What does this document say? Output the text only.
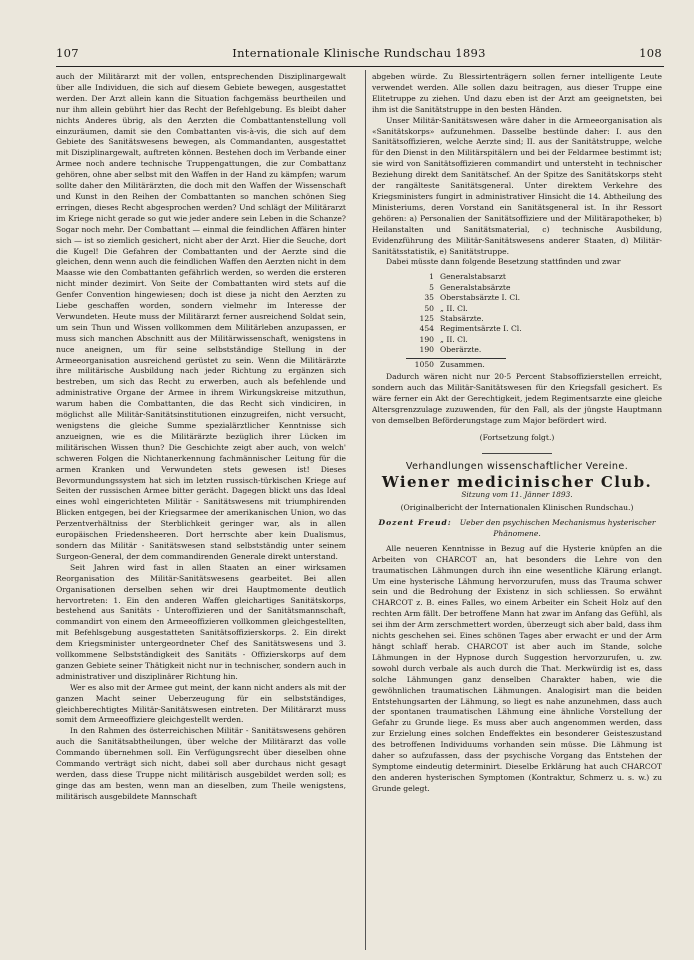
107	Internationale Klinische Rundschau 1893	108

auch der Militärarzt mit der vollen, entsprechenden Disziplinargewalt über alle Individuen, die sich auf diesem Gebiete bewegen, ausgestattet werden. Der Arzt allein kann die Situation fachgemäss beurtheilen und nur ihm allein gebührt hier das Recht der Befehlgebung. Es bleibt daher nichts Anderes übrig, als den Aerzten die Combattantenstellung voll einzuräumen, damit sie den Combattanten vis-à-vis, die sich auf dem Gebiete des Sanitätswesens bewegen, als Commandanten, ausgestattet mit Disziplinargewalt, auftreten können. Bestehen doch im Verbande einer Armee noch andere technische Truppengattungen, die zur Combattanz gehören, ohne aber selbst mit den Waffen in der Hand zu kämpfen; warum sollte daher den Militärärzten, die doch mit den Waffen der Wissenschaft und Kunst in den Reihen der Combattanten so manchen schönen Sieg erringen, dieses Recht abgesprochen werden? Und schlägt der Militärarzt im Kriege nicht gerade so gut wie jeder andere sein Leben in die Schanze? Sogar noch mehr. Der Combattant — einmal die feindlichen Affären hinter sich — ist so ziemlich gesichert, nicht aber der Arzt. Hier die Seuche, dort die Kugel! Die Gefahren der Combattanten und der Aerzte sind die gleichen, denn wenn auch die feindlichen Waffen den Aerzten nicht in dem Maasse wie den Combattanten gefährlich werden, so werden die ersteren nicht minder dezimirt. Von Seite der Combattanten wird stets auf die Genfer Convention hingewiesen; doch ist diese ja nicht den Aerzten zu Liebe geschaffen worden, sondern vielmehr im Interesse der Verwundeten. Heute muss der Militärarzt ferner ausreichend Soldat sein, um sein Thun und Wissen vollkommen dem Militärleben anzupassen, er muss sich manchen Abschnitt aus der Militärwissenschaft, wenigstens in nuce aneignen, um für seine selbstständige Stellung in der Armeeorganisation ausreichend gerüstet zu sein. Wenn die Militärärzte ihre militärische Ausbildung nach jeder Richtung zu ergänzen sich bestreben, um sich das Recht zu erwerben, auch als befehlende und administrative Organe der Armee in ihrem Wirkungskreise mitzuthun, warum haben die Combattanten, die das Recht sich vindiciren, in möglichst alle Militär-Sanitätsinstitutionen einzugreifen, nicht versucht, wenigstens die gleiche Summe spezialärztlicher Kenntnisse sich anzueignen, wie es die Militärärzte bezüglich ihrer Lücken im militärischen Wissen thun? Die Geschichte zeigt aber auch, von welch' schweren Folgen die Nichtanerkennung fachmännischer Leitung für die armen Kranken und Verwundeten stets gewesen ist! Dieses Bevormundungssystem hat sich im letzten russisch-türkischen Kriege auf Seiten der russischen Armee bitter gerächt. Dagegen blickt uns das Ideal eines wohl eingerichteten Militär - Sanitätswesens mit triumphirenden Blicken entgegen, bei der Kriegsarmee der amerikanischen Union, wo das Perzentverhältniss der Sterblichkeit geringer war, als in allen europäischen Friedensheeren. Dort herrschte aber kein Dualismus, sondern das Militär - Sanitätswesen stand selbstständig unter seinem Surgeon-General, der dem commandirenden Generale direkt unterstand.

Seit Jahren wird fast in allen Staaten an einer wirksamen Reorganisation des Militär-Sanitätswesens gearbeitet. Bei allen Organisationen derselben sehen wir drei Hauptmomente deutlich hervortreten: 1. Ein den anderen Waffen gleichartiges Sanitätskorps, bestehend aus Sanitäts - Unteroffizieren und der Sanitätsmannschaft, commandirt von einem den Armeeoffizieren vollkommen gleichgestellten, mit Befehlsgebung ausgestatteten Sanitätsoffizierskorps. 2. Ein direkt dem Kriegsminister untergeordneter Chef des Sanitätswesens und 3. vollkommene Selbstständigkeit des Sanitäts - Offizierskorps auf dem ganzen Gebiete seiner Thätigkeit nicht nur in technischer, sondern auch in administrativer und disziplinärer Richtung hin.

Wer es also mit der Armee gut meint, der kann nicht anders als mit der ganzen Macht seiner Ueberzeugung für ein selbstständiges, gleichberechtigtes Militär-Sanitätswesen eintreten. Der Militärarzt muss somit dem Armeeoffiziere gleichgestellt werden.

In den Rahmen des österreichischen Militär - Sanitätswesens gehören auch die Sanitätsabtheilungen, über welche der Militärarzt das volle Commando übernehmen soll. Ein Verfügungsrecht über dieselben ohne Commando verträgt sich nicht, dabei soll aber durchaus nicht gesagt werden, dass diese Truppe nicht militärisch ausgebildet werden soll; es ginge das am besten, wenn man an dieselben, zum Theile wenigstens, militärisch ausgebildete Mannschaft

abgeben würde. Zu Blessirtenträgern sollen ferner intelligente Leute verwendet werden. Alle sollen dazu beitragen, aus dieser Truppe eine Elitetruppe zu ziehen. Und dazu eben ist der Arzt am geeignetsten, bei ihm ist die Sanitätstruppe in den besten Händen.

Unser Militär-Sanitätswesen wäre daher in die Armeeorganisation als «Sanitätskorps» aufzunehmen. Dasselbe bestünde daher: I. aus den Sanitätsoffizieren, welche Aerzte sind; II. aus der Sanitätstruppe, welche für den Dienst in den Militärspitälern und bei der Feldarmee bestimmt ist; sie wird von Sanitätsoffizieren commandirt und untersteht in technischer Beziehung direkt dem Sanitätschef. An der Spitze des Sanitätskorps steht der rangälteste Sanitätsgeneral. Unter direktem Verkehre des Kriegsministers fungirt in administrativer Hinsicht die 14. Abtheilung des Ministeriums, deren Vorstand ein Sanitätsgeneral ist. In ihr Ressort gehören: a) Personalien der Sanitätsoffiziere und der Militärapotheker, b) Heilanstalten und Sanitätsmaterial, c) technische Ausbildung, Evidenzführung des Militär-Sanitätswesens anderer Staaten, d) Militär-Sanitätsstatistik, e) Sanitätstruppe.

Dabei müsste dann folgende Besetzung stattfinden und zwar

1 Generalstabsarzt
5 Generalstabsärzte
35 Oberstabsärzte I. Cl.
50 „ II. Cl.
125 Stabsärzte.
454 Regimentsärzte I. Cl.
190 „ II. Cl.
190 Oberärzte.
1050 Zusammen.

Dadurch wären nicht nur 20·5 Percent Stabsoffizierstellen erreicht, sondern auch das Militär-Sanitätswesen für den Kriegsfall gesichert. Es wäre ferner ein Akt der Gerechtigkeit, jedem Regimentsarzte eine gleiche Altersgrenzzulage zuzuwenden, für den Fall, als der jüngste Hauptmann von demselben Beförderungstage zum Major befördert wird.

(Fortsetzung folgt.)
Verhandlungen wissenschaftlicher Vereine.
Wiener medicinischer Club.
Sitzung vom 11. Jänner 1893.
(Originalbericht der Internationalen Klinischen Rundschau.)
Dozent Freud: Ueber den psychischen Mechanismus hysterischer Phänomene.

Alle neueren Kenntnisse in Bezug auf die Hysterie knüpfen an die Arbeiten von CHARCOT an, hat besonders die Lehre von den traumatischen Lähmungen durch ihn eine wesentliche Klärung erlangt. Um eine hysterische Lähmung hervorzurufen, muss das Trauma schwer sein und die Bedrohung der Existenz in sich schliessen. So erwähnt CHARCOT z. B. eines Falles, wo einem Arbeiter ein Scheit Holz auf den rechten Arm fällt. Der betroffene Mann hat zwar im Anfang das Gefühl, als sei ihm der Arm zerschmettert worden, überzeugt sich aber bald, dass ihm nichts geschehen sei. Eines schönen Tages aber erwacht er und der Arm hängt schlaff herab. CHARCOT ist aber auch im Stande, solche Lähmungen in der Hypnose durch Suggestion hervorzurufen, u. zw. sowohl durch verbale als auch durch die That. Merkwürdig ist es, dass solche Lähmungen ganz denselben Charakter haben, wie die gewöhnlichen traumatischen Lähmungen. Analogisirt man die beiden Entstehungsarten der Lähmung, so liegt es nahe anzunehmen, dass auch der spontanen traumatischen Lähmung eine ähnliche Vorstellung der Gefahr zu Grunde liege. Es muss aber auch angenommen werden, dass zur Erzielung eines solchen Endeffektes ein besonderer Geisteszustand des betroffenen Individuums vorhanden sein müsse. Die Lähmung ist daher so aufzufassen, dass der psychische Vorgang das Entstehen der Symptome eindeutig determinirt. Dieselbe Erklärung hat auch CHARCOT den anderen hysterischen Symptomen (Kontraktur, Schmerz u. s. w.) zu Grunde gelegt.
